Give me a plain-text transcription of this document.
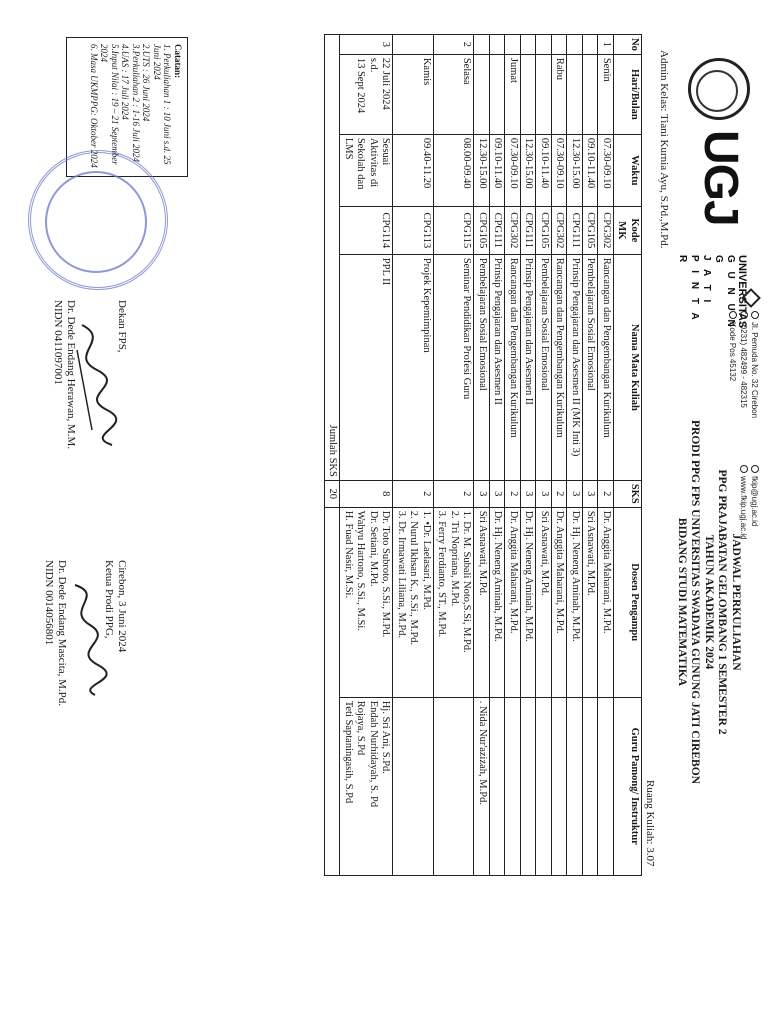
UGJ
UNIVERSITAS
G U N U N G
J A T I
P I N T A R
Jl. Pemuda No. 32 Cirebon
(0231) 482499 - 482315
Kode Pos 45132
fkip@ugj.ac.id
www.fkip.ugj.ac.id
JADWAL PERKULIAHAN
PPG PRAJABATAN GELOMBANG 1 SEMESTER 2
TAHUN AKADEMIK 2024
PRODI PPG FPS UNIVERSITAS SWADAYA GUNUNG JATI CIREBON
BIDANG STUDI MATEMATIKA
Admin Kelas: Tiani Kurnia Ayu, S.Pd.,M.Pd.
Ruang Kuliah: 3.07
No	Hari/Bulan	Waktu	Kode MK	Nama Mata Kuliah	SKS	Dosen Pengampu	Guru Pamong/ Instruktur
1	Senin	07.30-09.10	CPG302	Rancangan dan Pengembangan Kurikulum	2	Dr. Anggita Maharani, M.Pd.	
		09.10-11.40	CPG105	Pembelajaran Sosial Emosional	3	Sri Asnawati, M.Pd.	
		12.30-15.00	CPG111	Prinsip Pengajaran dan Asesmen II (MK Inti 3)	3	Dr. Hj. Neneng Aminah, M.Pd.	
	Rabu	07.30-09.10	CPG302	Rancangan dan Pengembangan Kurikulum	2	Dr. Anggita Maharani, M.Pd.	
		09.10-11.40	CPG105	Pembelajaran Sosial Emosional	3	Sri Asnawati, M.Pd.	
		12.30-15.00	CPG111	Prinsip Pengajaran dan Asesmen II	3	Dr. Hj. Neneng Aminah, M.Pd.	
	Jumat	07.30-09.10	CPG302	Rancangan dan Pengembangan Kurikulum	2	Dr. Anggita Maharani, M.Pd.	
		09.10-11.40	CPG111	Prinsip Pengajaran dan Asesmen II	3	Dr. Hj. Neneng Aminah, M.Pd.	
		12.30-15.00	CPG105	Pembelajaran Sosial Emosional	3	Sri Asnawati, M.Pd.	. Nida Nur'azizah, M.Pd.
2	Selasa	08.00-09.40	CPG115	Seminar Pendidikan Profesi Guru	2	1. Dr. M. Subali Noto,S.Si, M.Pd.
2. Tri Nopriana, M.Pd.
3. Ferry Ferdianto, ST., M.Pd.	
	Kamis	09.40-11.20	CPG113	Projek Kepemimpinan	2	1. •Dr. Laelasari, M.Pd.
2. Nurul Ikhsan K., S.Si., M.Pd.
3. Dr. Irmawati Liliana, M.Pd.	
3	22 Juli 2024
s.d.
13 Sept 2024	Sesuai Aktivitas di Sekolah dan LMS	CPG114	PPL II	8	Dr. Toto Subroto, S.Si., M.Pd.
Dr. Setiani, M.Pd.
Wahyu Hartono, S.Si., M.Si.
H. Fuad Nasir, M.Si.	Hj. Sri Ani, S.Pd.
Endah Nurhidayah, S. Pd
Rojaya, S.Pd
Teti Saptaningasih, S.Pd
Jumlah SKS					20		
Catatan:
1. Perkuliahan 1 : 10 Juni s.d. 25 Juni 2024
2.UTS : 26 Juni 2024
3.Perkuliahan 2 : 1-16 Juli 2024
4.UAS : 17 Juli 2024
5.Input Nilai : 19 – 21 September 2024
6. Masa UKMPPG: Oktober 2024
Dekan FPS,
Dr. Dede Endang Herawan, M.M.
NIDN 0411097001
Cirebon, 3 Juni 2024
Ketua Prodi PPG,
Dr. Dede Endang Mascita, M.Pd.
NIDN 0014056801
